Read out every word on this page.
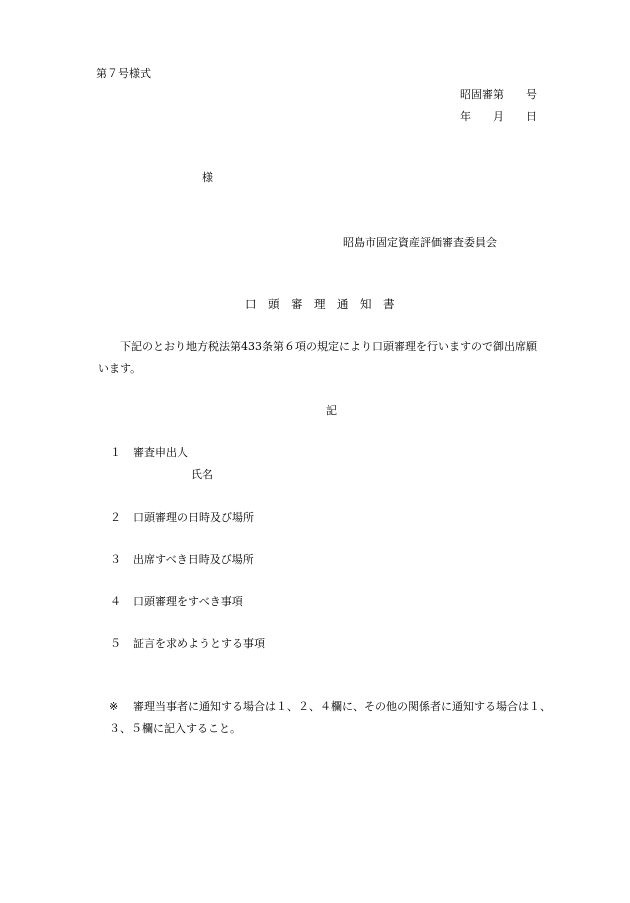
第７号様式
昭固審第　　号
年　　月　　日
様
昭島市固定資産評価審査委員会
口　頭　審　理　通　知　書
下記のとおり地方税法第433条第６項の規定により口頭審理を行いますので御出席願
います。
記
１ 審査申出人
氏名
２ 口頭審理の日時及び場所
３ 出席すべき日時及び場所
４ 口頭審理をすべき事項
５ 証言を求めようとする事項
※ 審理当事者に通知する場合は１、２、４欄に、その他の関係者に通知する場合は１、
３、５欄に記入すること。
